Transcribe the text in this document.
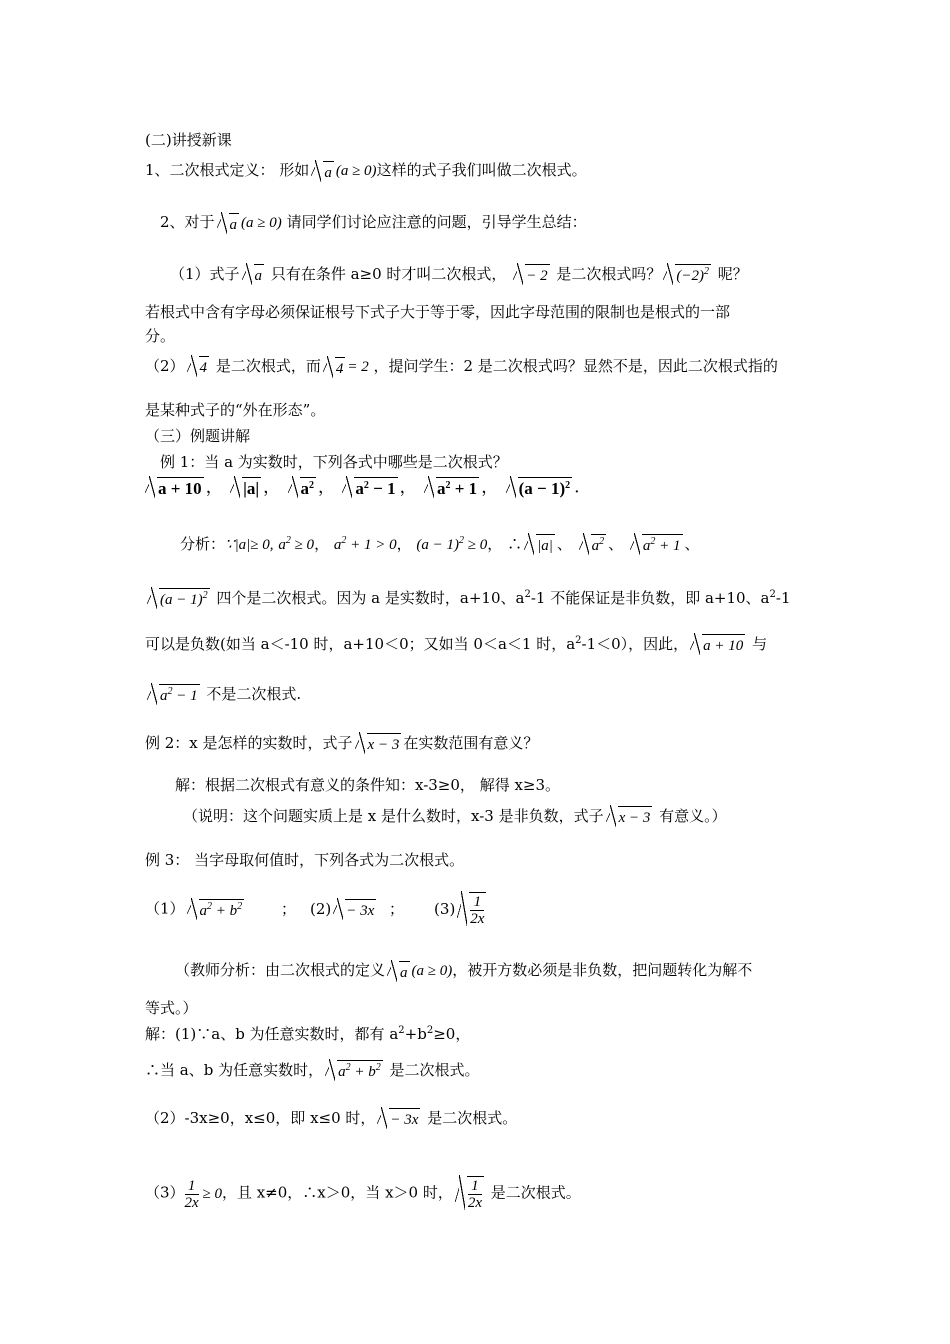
(二)讲授新课
1、二次根式定义： 形如 a (a ≥ 0)这样的式子我们叫做二次根式。
2、对于 a (a ≥ 0) 请同学们讨论应注意的问题，引导学生总结：
（1）式子 a 只有在条件 a≥0 时才叫二次根式， − 2 是二次根式吗？ $(-2)^2$ 呢？
若根式中含有字母必须保证根号下式子大于等于零，因此字母范围的限制也是根式的一部
分。
（2） 4 是二次根式，而 4 = 2 ，提问学生：2 是二次根式吗？显然不是，因此二次根式指的
是某种式子的“外在形态”。
（三）例题讲解
例 1：当 a 为实数时，下列各式中哪些是二次根式？
a + 10 ， |a| ， $a^2$ ， $a^2 - 1$ ， $a^2 + 1$ ， $(a - 1)^2$ .
分析：∵|a|≥ 0, $a^2 \ge 0$， $a^2 + 1 > 0$， $(a - 1)^2 \ge 0$， ∴ |a| 、 $a^2$ 、 $a^2 + 1$ 、
$(a - 1)^2$ 四个是二次根式。因为 a 是实数时，a+10、$a^2-1$ 不能保证是非负数，即 a+10、$a^2-1$
可以是负数(如当 a＜-10 时，a+10＜0；又如当 0＜a＜1 时，$a^2-1<0$），因此， a + 10 与
$a^2 - 1$ 不是二次根式.
例 2：x 是怎样的实数时，式子 x − 3 在实数范围有意义？
解：根据二次根式有意义的条件知：x-3≥0， 解得 x≥3。
（说明：这个问题实质上是 x 是什么数时，x-3 是非负数，式子 x − 3 有意义。）
例 3： 当字母取何值时，下列各式为二次根式。
（1） $a^2 + b^2$	； (2) − 3x ； $(3) \frac{1}{2x}$
（教师分析：由二次根式的定义 a (a ≥ 0)，被开方数必须是非负数，把问题转化为解不
等式。）
解：(1)∵a、b 为任意实数时，都有 $a^2+b^2\ge 0$，
∴当 a、b 为任意实数时， $a^2 + b^2$ 是二次根式。
（2）-3x≥0，x≤0，即 x≤0 时， − 3x 是二次根式。
$(3) \frac{1}{2x} \ge 0$，且 x≠0，∴x＞0，当 x＞0 时， $\frac{1}{2x}$ 是二次根式。
